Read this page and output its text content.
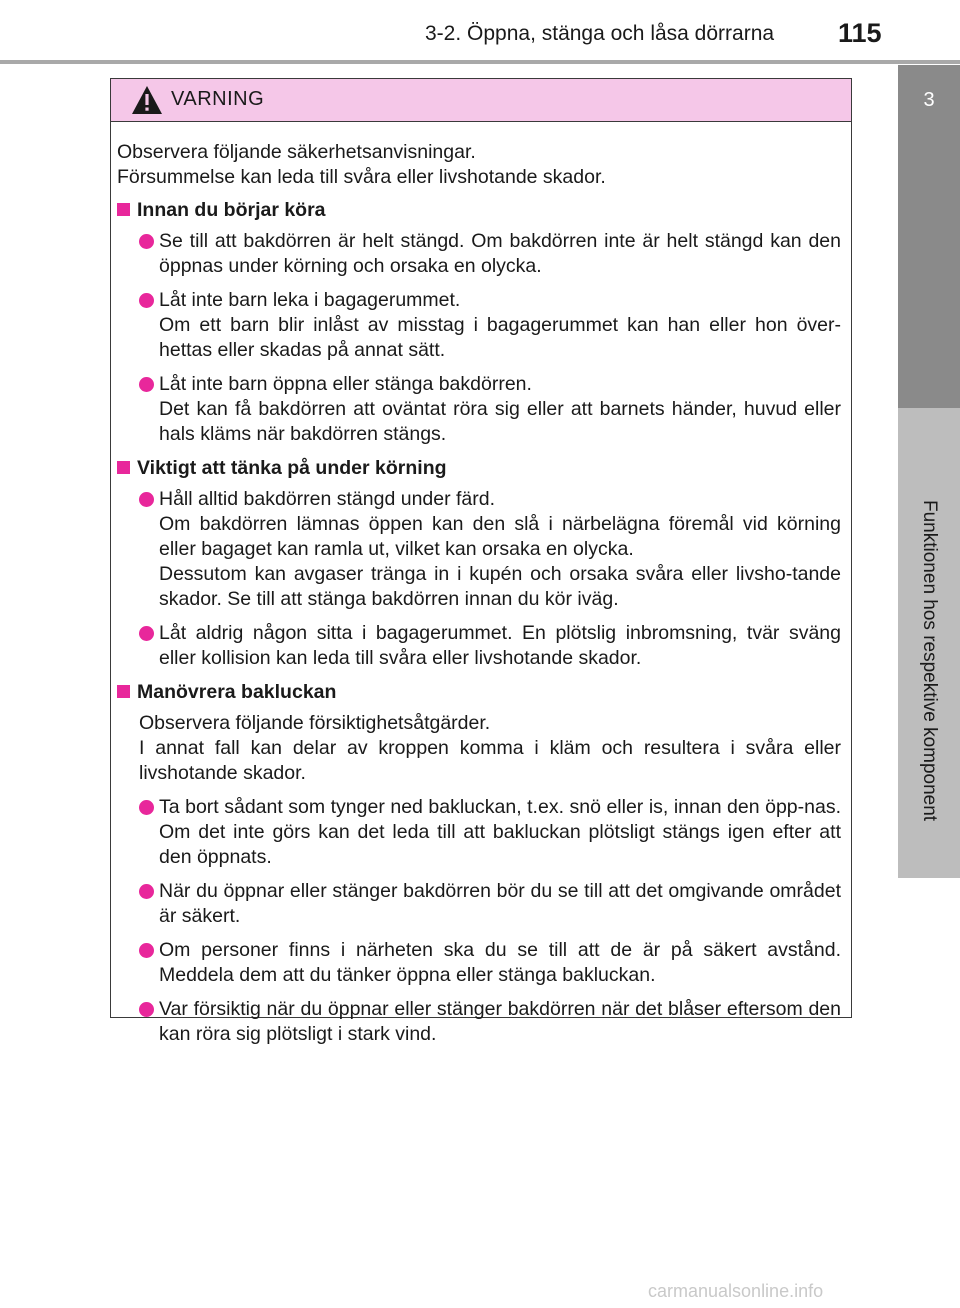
3-2. Öppna, stänga och låsa dörrarna 115
3
Funktionen hos respektive komponent
VARNING
Observera följande säkerhetsanvisningar.
Försummelse kan leda till svåra eller livshotande skador.
Innan du börjar köra
Se till att bakdörren är helt stängd. Om bakdörren inte är helt stängd kan den öppnas under körning och orsaka en olycka.
Låt inte barn leka i bagagerummet.
Om ett barn blir inlåst av misstag i bagagerummet kan han eller hon över-hettas eller skadas på annat sätt.
Låt inte barn öppna eller stänga bakdörren.
Det kan få bakdörren att oväntat röra sig eller att barnets händer, huvud eller hals kläms när bakdörren stängs.
Viktigt att tänka på under körning
Håll alltid bakdörren stängd under färd.
Om bakdörren lämnas öppen kan den slå i närbelägna föremål vid körning eller bagaget kan ramla ut, vilket kan orsaka en olycka.
Dessutom kan avgaser tränga in i kupén och orsaka svåra eller livsho-tande skador. Se till att stänga bakdörren innan du kör iväg.
Låt aldrig någon sitta i bagagerummet. En plötslig inbromsning, tvär sväng eller kollision kan leda till svåra eller livshotande skador.
Manövrera bakluckan
Observera följande försiktighetsåtgärder.
I annat fall kan delar av kroppen komma i kläm och resultera i svåra eller livshotande skador.
Ta bort sådant som tynger ned bakluckan, t.ex. snö eller is, innan den öpp-nas. Om det inte görs kan det leda till att bakluckan plötsligt stängs igen efter att den öppnats.
När du öppnar eller stänger bakdörren bör du se till att det omgivande området är säkert.
Om personer finns i närheten ska du se till att de är på säkert avstånd. Meddela dem att du tänker öppna eller stänga bakluckan.
Var försiktig när du öppnar eller stänger bakdörren när det blåser eftersom den kan röra sig plötsligt i stark vind.
carmanualsonline.info
